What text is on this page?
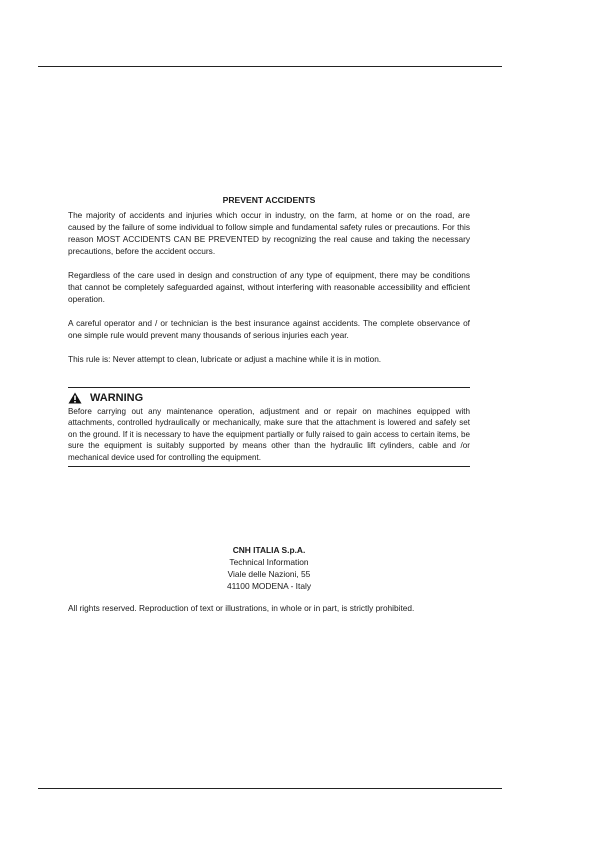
PREVENT ACCIDENTS

The majority of accidents and injuries which occur in industry, on the farm, at home or on the road, are caused by the failure of some individual to follow simple and fundamental safety rules or precautions. For this reason MOST ACCIDENTS CAN BE PREVENTED by recognizing the real cause and taking the necessary precautions, before the accident occurs.

Regardless of the care used in design and construction of any type of equipment, there may be conditions that cannot be completely safeguarded against, without interfering with reasonable accessibility and efficient operation.

A careful operator and / or technician is the best insurance against accidents. The complete observance of one simple rule would prevent many thousands of serious injuries each year.

This rule is: Never attempt to clean, lubricate or adjust a machine while it is in motion.

WARNING

Before carrying out any maintenance operation, adjustment and or repair on machines equipped with attachments, controlled hydraulically or mechanically, make sure that the attachment is lowered and safely set on the ground. If it is necessary to have the equipment partially or fully raised to gain access to certain items, be sure the equipment is suitably supported by means other than the hydraulic lift cylinders, cable and /or mechanical device used for controlling the equipment.

CNH ITALIA S.p.A.
Technical Information
Viale delle Nazioni, 55
41100 MODENA - Italy
All rights reserved. Reproduction of text or illustrations, in whole or in part, is strictly prohibited.
